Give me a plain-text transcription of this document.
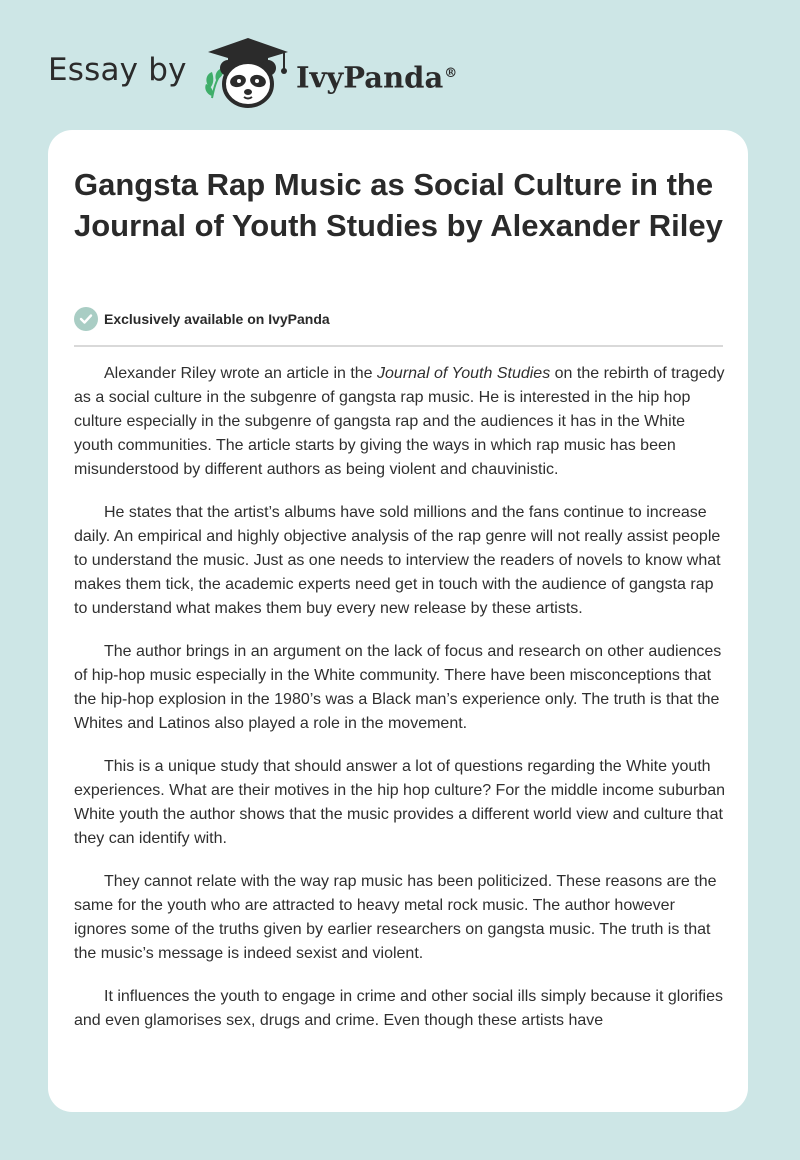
Essay by	IvyPanda®
Gangsta Rap Music as Social Culture in the Journal of Youth Studies by Alexander Riley
Exclusively available on IvyPanda

Alexander Riley wrote an article in the Journal of Youth Studies on the rebirth of tragedy as a social culture in the subgenre of gangsta rap music. He is interested in the hip hop culture especially in the subgenre of gangsta rap and the audiences it has in the White youth communities. The article starts by giving the ways in which rap music has been misunderstood by different authors as being violent and chauvinistic.

He states that the artist’s albums have sold millions and the fans continue to increase daily. An empirical and highly objective analysis of the rap genre will not really assist people to understand the music. Just as one needs to interview the readers of novels to know what makes them tick, the academic experts need get in touch with the audience of gangsta rap to understand what makes them buy every new release by these artists.

The author brings in an argument on the lack of focus and research on other audiences of hip-hop music especially in the White community. There have been misconceptions that the hip-hop explosion in the 1980’s was a Black man’s experience only. The truth is that the Whites and Latinos also played a role in the movement.

This is a unique study that should answer a lot of questions regarding the White youth experiences. What are their motives in the hip hop culture? For the middle income suburban White youth the author shows that the music provides a different world view and culture that they can identify with.

They cannot relate with the way rap music has been politicized. These reasons are the same for the youth who are attracted to heavy metal rock music. The author however ignores some of the truths given by earlier researchers on gangsta music. The truth is that the music’s message is indeed sexist and violent.

It influences the youth to engage in crime and other social ills simply because it glorifies and even glamorises sex, drugs and crime. Even though these artists have
